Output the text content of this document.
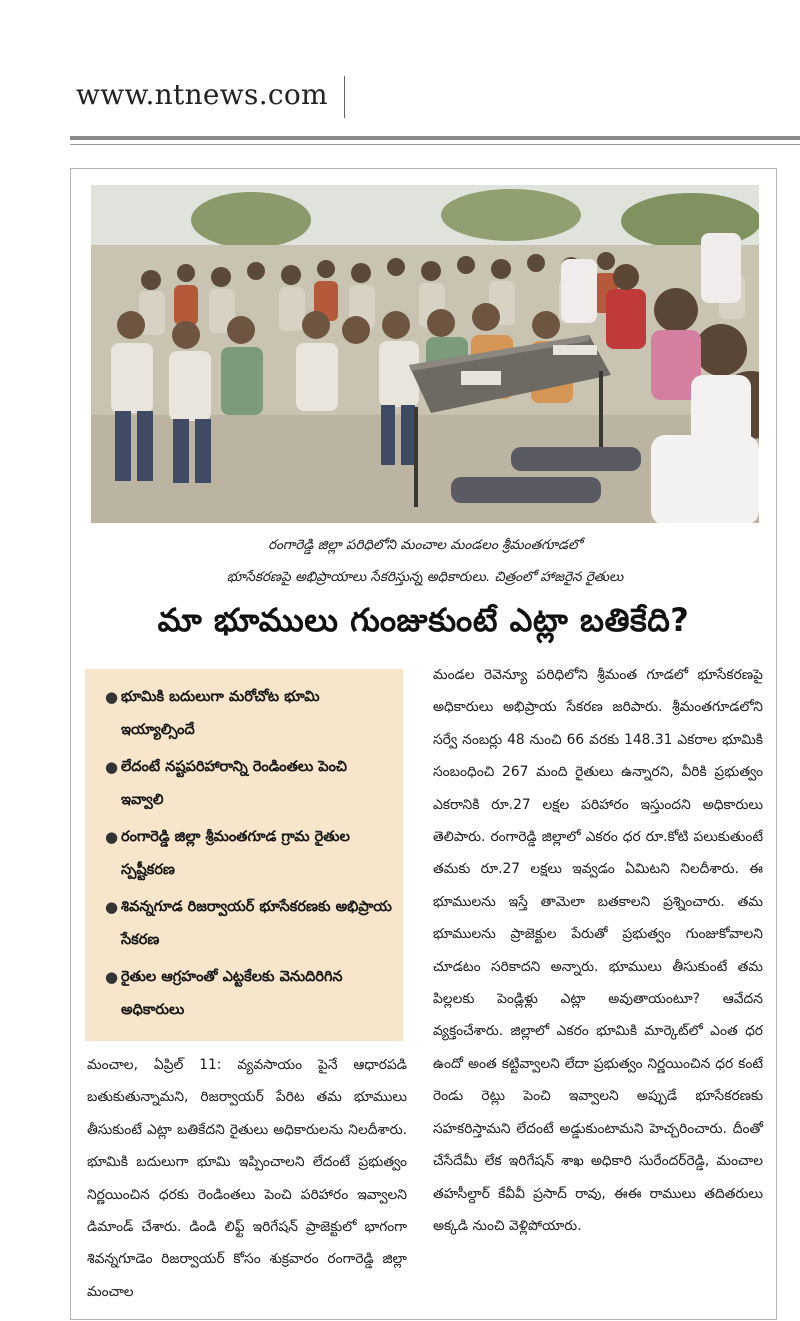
www.ntnews.com
రంగారెడ్డి జిల్లా పరిధిలోని మంచాల మండలం శ్రీమంతగూడలో
భూసేకరణపై అభిప్రాయాలు సేకరిస్తున్న అధికారులు. చిత్రంలో హాజరైన రైతులు
మా భూములు గుంజుకుంటే ఎట్లా బతికేది?
● భూమికి బదులుగా మరోచోట భూమి ఇయ్యాల్సిందే
● లేదంటే నష్టపరిహారాన్ని రెండింతలు పెంచి ఇవ్వాలి
● రంగారెడ్డి జిల్లా శ్రీమంతగూడ గ్రామ రైతుల స్పష్టీకరణ
● శివన్నగూడ రిజర్వాయర్ భూసేకరణకు అభిప్రాయ సేకరణ
● రైతుల ఆగ్రహంతో ఎట్టకేలకు వెనుదిరిగిన అధికారులు
మంచాల, ఏప్రిల్ 11: వ్యవసాయం పైనే ఆధారపడి బతుకుతున్నామని, రిజర్వాయర్ పేరిట తమ భూములు తీసుకుంటే ఎట్లా బతికేదని రైతులు అధికారులను నిలదీశారు. భూమికి బదులుగా భూమి ఇప్పించాలని లేదంటే ప్రభుత్వం నిర్ణయించిన ధరకు రెండింతలు పెంచి పరిహారం ఇవ్వాలని డిమాండ్ చేశారు. డిండి లిఫ్ట్ ఇరిగేషన్ ప్రాజెక్టులో భాగంగా శివన్నగూడెం రిజర్వాయర్ కోసం శుక్రవారం రంగారెడ్డి జిల్లా మంచాల
మండల రెవెన్యూ పరిధిలోని శ్రీమంత గూడలో భూసేకరణపై అధికారులు అభిప్రాయ సేకరణ జరిపారు. శ్రీమంతగూడలోని సర్వే నంబర్లు 48 నుంచి 66 వరకు 148.31 ఎకరాల భూమికి సంబంధించి 267 మంది రైతులు ఉన్నారని, వీరికి ప్రభుత్వం ఎకరానికి రూ.27 లక్షల పరిహారం ఇస్తుందని అధికారులు తెలిపారు. రంగారెడ్డి జిల్లాలో ఎకరం ధర రూ.కోటి పలుకుతుంటే తమకు రూ.27 లక్షలు ఇవ్వడం ఏమిటని నిలదీశారు. ఈ భూములను ఇస్తే తామెలా బతకాలని ప్రశ్నించారు. తమ భూములను ప్రాజెక్టుల పేరుతో ప్రభుత్వం గుంజుకోవాలని చూడటం సరికాదని అన్నారు. భూములు తీసుకుంటే తమ పిల్లలకు పెండ్లిళ్లు ఎట్లా అవుతాయంటూ? ఆవేదన వ్యక్తంచేశారు. జిల్లాలో ఎకరం భూమికి మార్కెట్‌లో ఎంత ధర ఉందో అంత కట్టివ్వాలని లేదా ప్రభుత్వం నిర్ణయించిన ధర కంటే రెండు రెట్లు పెంచి ఇవ్వాలని అప్పుడే భూసేకరణకు సహకరిస్తామని లేదంటే అడ్డుకుంటామని హెచ్చరించారు. దీంతో చేసేదేమీ లేక ఇరిగేషన్ శాఖ అధికారి సురేందర్‌రెడ్డి, మంచాల తహసీల్దార్ కేవీవీ ప్రసాద్ రావు, ఈఈ రాములు తదితరులు అక్కడి నుంచి వెళ్లిపోయారు.
